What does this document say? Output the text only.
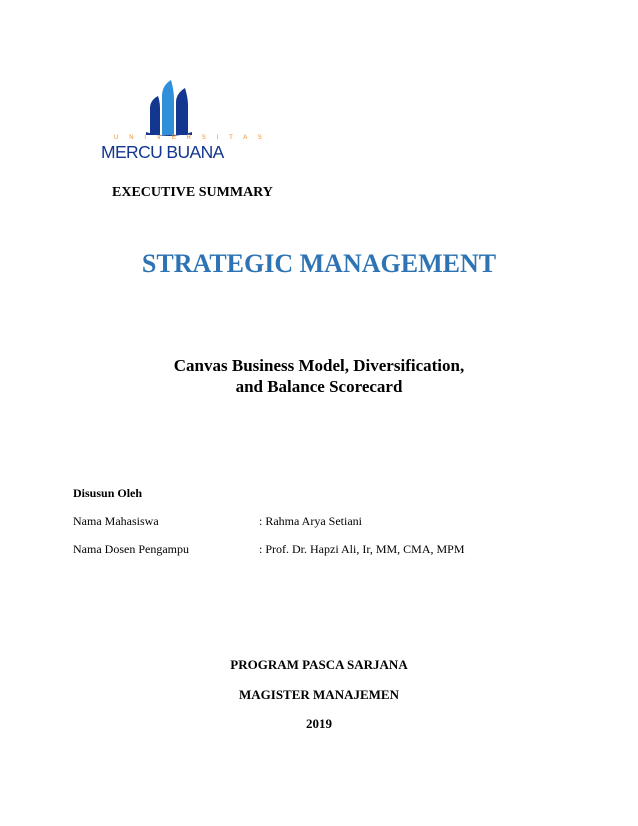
U N I V E R S I T A S
MERCU BUANA
EXECUTIVE SUMMARY
STRATEGIC MANAGEMENT
Canvas Business Model, Diversification,
and Balance Scorecard
Disusun Oleh
Nama Mahasiswa	: Rahma Arya Setiani
Nama Dosen Pengampu	: Prof. Dr. Hapzi Ali, Ir, MM, CMA, MPM
PROGRAM PASCA SARJANA
MAGISTER MANAJEMEN
2019
